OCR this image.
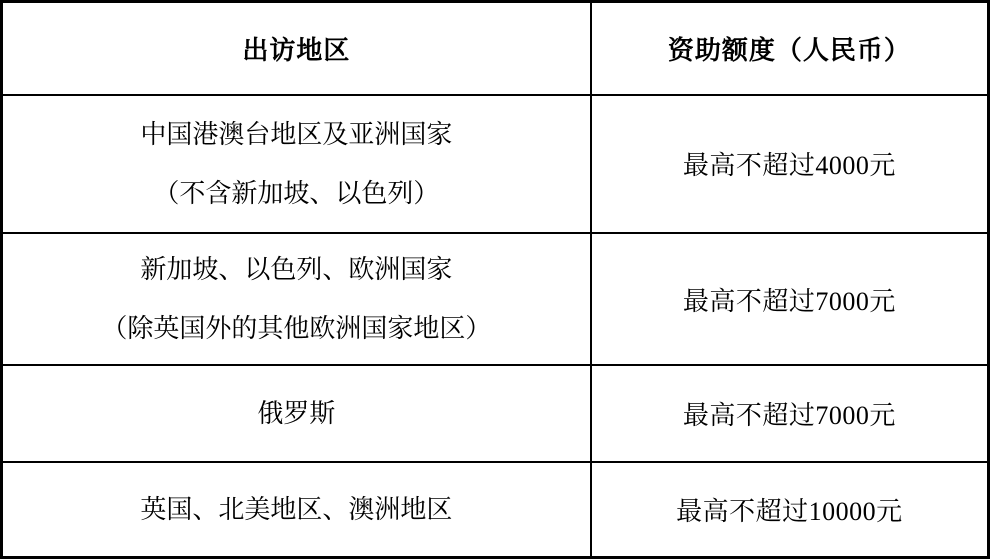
出访地区	资助额度（人民币）

中国港澳台地区及亚洲国家
（不含新加坡、以色列）	最高不超过4000元

新加坡、以色列、欧洲国家
（除英国外的其他欧洲国家地区）	最高不超过7000元

俄罗斯	最高不超过7000元

英国、北美地区、澳洲地区	最高不超过10000元
